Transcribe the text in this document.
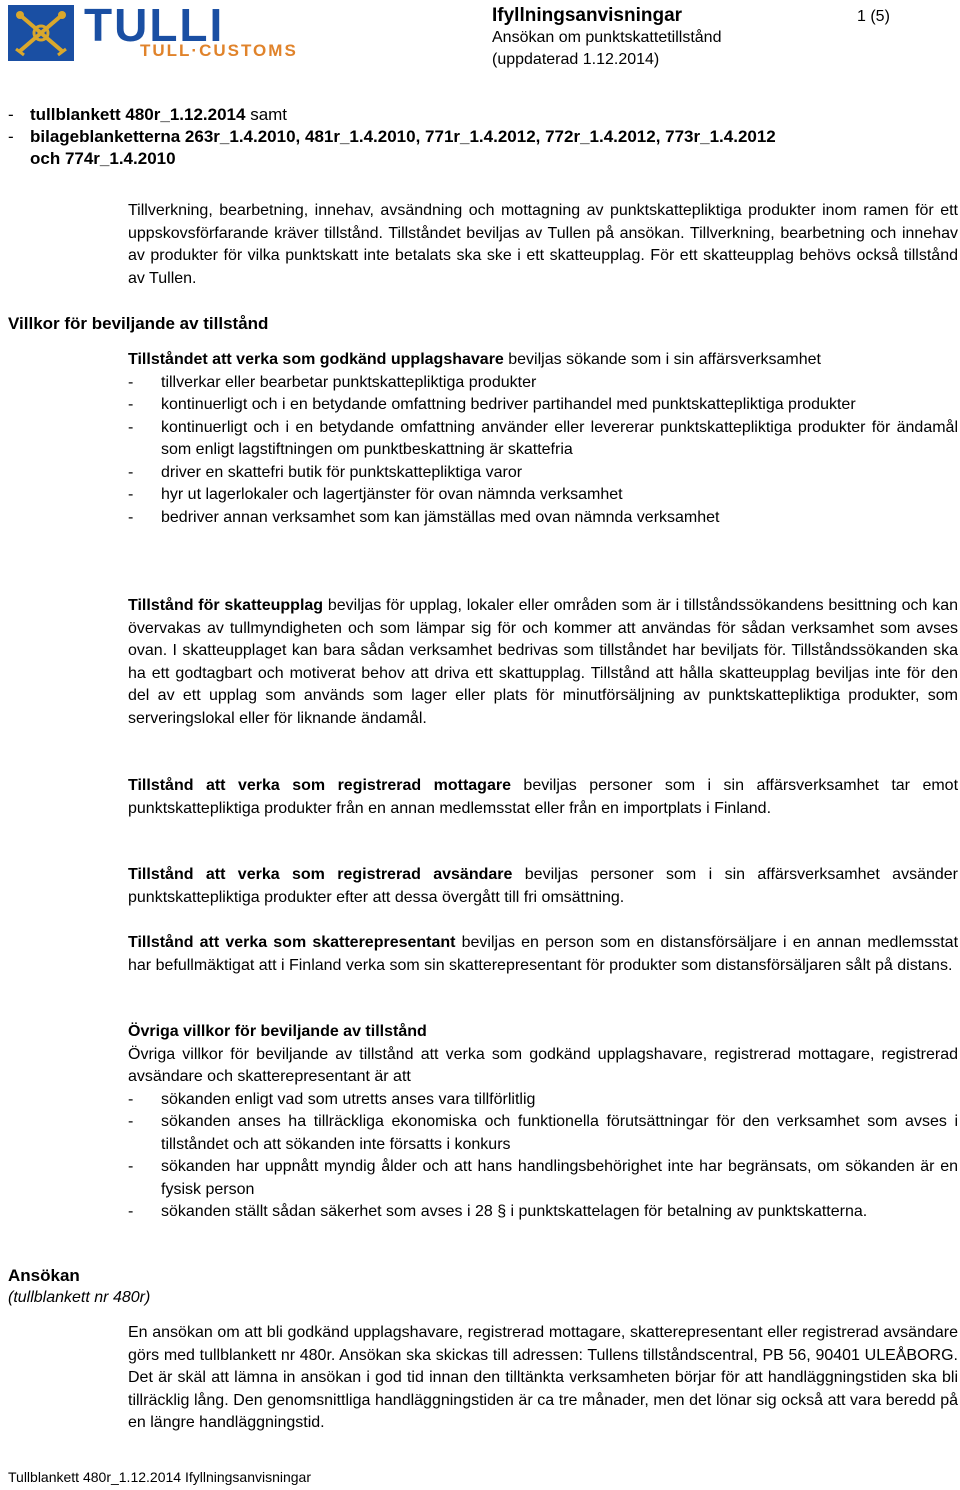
TULLI
TULL·CUSTOMS
Ifyllningsanvisningar	1 (5)
Ansökan om punktskattetillstånd
(uppdaterad 1.12.2014)
- tullblankett 480r_1.12.2014 samt
- bilageblanketterna 263r_1.4.2010, 481r_1.4.2010, 771r_1.4.2012, 772r_1.4.2012, 773r_1.4.2012
och 774r_1.4.2010
Tillverkning, bearbetning, innehav, avsändning och mottagning av punktskattepliktiga produkter inom ramen för ett uppskovsförfarande kräver tillstånd. Tillståndet beviljas av Tullen på ansökan. Tillverkning, bearbetning och innehav av produkter för vilka punktskatt inte betalats ska ske i ett skatteupplag. För ett skatteupplag behövs också tillstånd av Tullen.
Villkor för beviljande av tillstånd

Tillståndet att verka som godkänd upplagshavare beviljas sökande som i sin affärsverksamhet

-	tillverkar eller bearbetar punktskattepliktiga produkter
-	kontinuerligt och i en betydande omfattning bedriver partihandel med punktskattepliktiga produkter
-	kontinuerligt och i en betydande omfattning använder eller levererar punktskattepliktiga produkter för ändamål som enligt lagstiftningen om punktbeskattning är skattefria
-	driver en skattefri butik för punktskattepliktiga varor
-	hyr ut lagerlokaler och lagertjänster för ovan nämnda verksamhet
-	bedriver annan verksamhet som kan jämställas med ovan nämnda verksamhet

Tillstånd för skatteupplag beviljas för upplag, lokaler eller områden som är i tillståndssökandens besittning och kan övervakas av tullmyndigheten och som lämpar sig för och kommer att användas för sådan verksamhet som avses ovan. I skatteupplaget kan bara sådan verksamhet bedrivas som tillståndet har beviljats för. Tillståndssökanden ska ha ett godtagbart och motiverat behov att driva ett skattupplag. Tillstånd att hålla skatteupplag beviljas inte för den del av ett upplag som används som lager eller plats för minutförsäljning av punktskattepliktiga produkter, som serveringslokal eller för liknande ändamål.

Tillstånd att verka som registrerad mottagare beviljas personer som i sin affärsverksamhet tar emot punktskattepliktiga produkter från en annan medlemsstat eller från en importplats i Finland.

Tillstånd att verka som registrerad avsändare beviljas personer som i sin affärsverksamhet avsänder punktskattepliktiga produkter efter att dessa övergått till fri omsättning.

Tillstånd att verka som skatterepresentant beviljas en person som en distansförsäljare i en annan medlemsstat har befullmäktigat att i Finland verka som sin skatterepresentant för produkter som distansförsäljaren sålt på distans.

Övriga villkor för beviljande av tillstånd

Övriga villkor för beviljande av tillstånd att verka som godkänd upplagshavare, registrerad mottagare, registrerad avsändare och skatterepresentant är att

-	sökanden enligt vad som utretts anses vara tillförlitlig
-	sökanden anses ha tillräckliga ekonomiska och funktionella förutsättningar för den verksamhet som avses i tillståndet och att sökanden inte försatts i konkurs
-	sökanden har uppnått myndig ålder och att hans handlingsbehörighet inte har begränsats, om sökanden är en fysisk person
-	sökanden ställt sådan säkerhet som avses i 28 § i punktskattelagen för betalning av punktskatterna.
Ansökan
(tullblankett nr 480r)
En ansökan om att bli godkänd upplagshavare, registrerad mottagare, skatterepresentant eller registrerad avsändare görs med tullblankett nr 480r. Ansökan ska skickas till adressen: Tullens tillståndscentral, PB 56, 90401 ULEÅBORG. Det är skäl att lämna in ansökan i god tid innan den tilltänkta verksamheten börjar för att handläggningstiden ska bli tillräcklig lång. Den genomsnittliga handläggningstiden är ca tre månader, men det lönar sig också att vara beredd på en längre handläggningstid.
Tullblankett 480r_1.12.2014 Ifyllningsanvisningar
